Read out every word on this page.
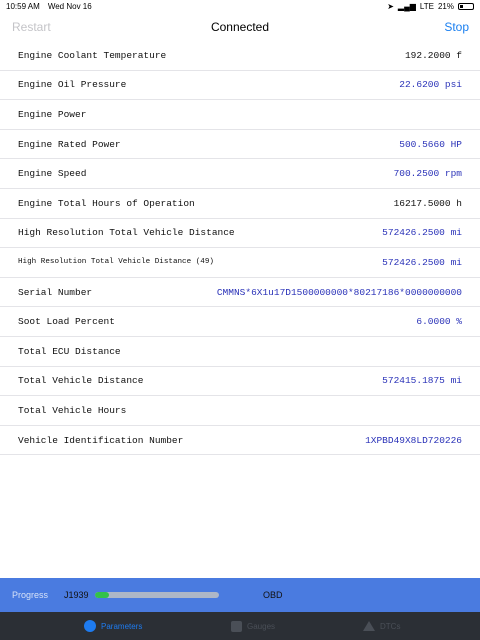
10:59 AM Wed Nov 16	➤ ▂▄▆ LTE 21%
Restart	Connected	Stop
Engine Coolant Temperature	192.2000 f
Engine Oil Pressure	22.6200 psi
Engine Power
Engine Rated Power	500.5660 HP
Engine Speed	700.2500 rpm
Engine Total Hours of Operation	16217.5000 h
High Resolution Total Vehicle Distance	572426.2500 mi
High Resolution Total Vehicle Distance (49)	572426.2500 mi
Serial Number	CMMNS*6X1u17D1500000000*80217186*0000000000
Soot Load Percent	6.0000 %
Total ECU Distance
Total Vehicle Distance	572415.1875 mi
Total Vehicle Hours
Vehicle Identification Number	1XPBD49X8LD720226
Progress J1939	OBD
Parameters	Gauges	DTCs
